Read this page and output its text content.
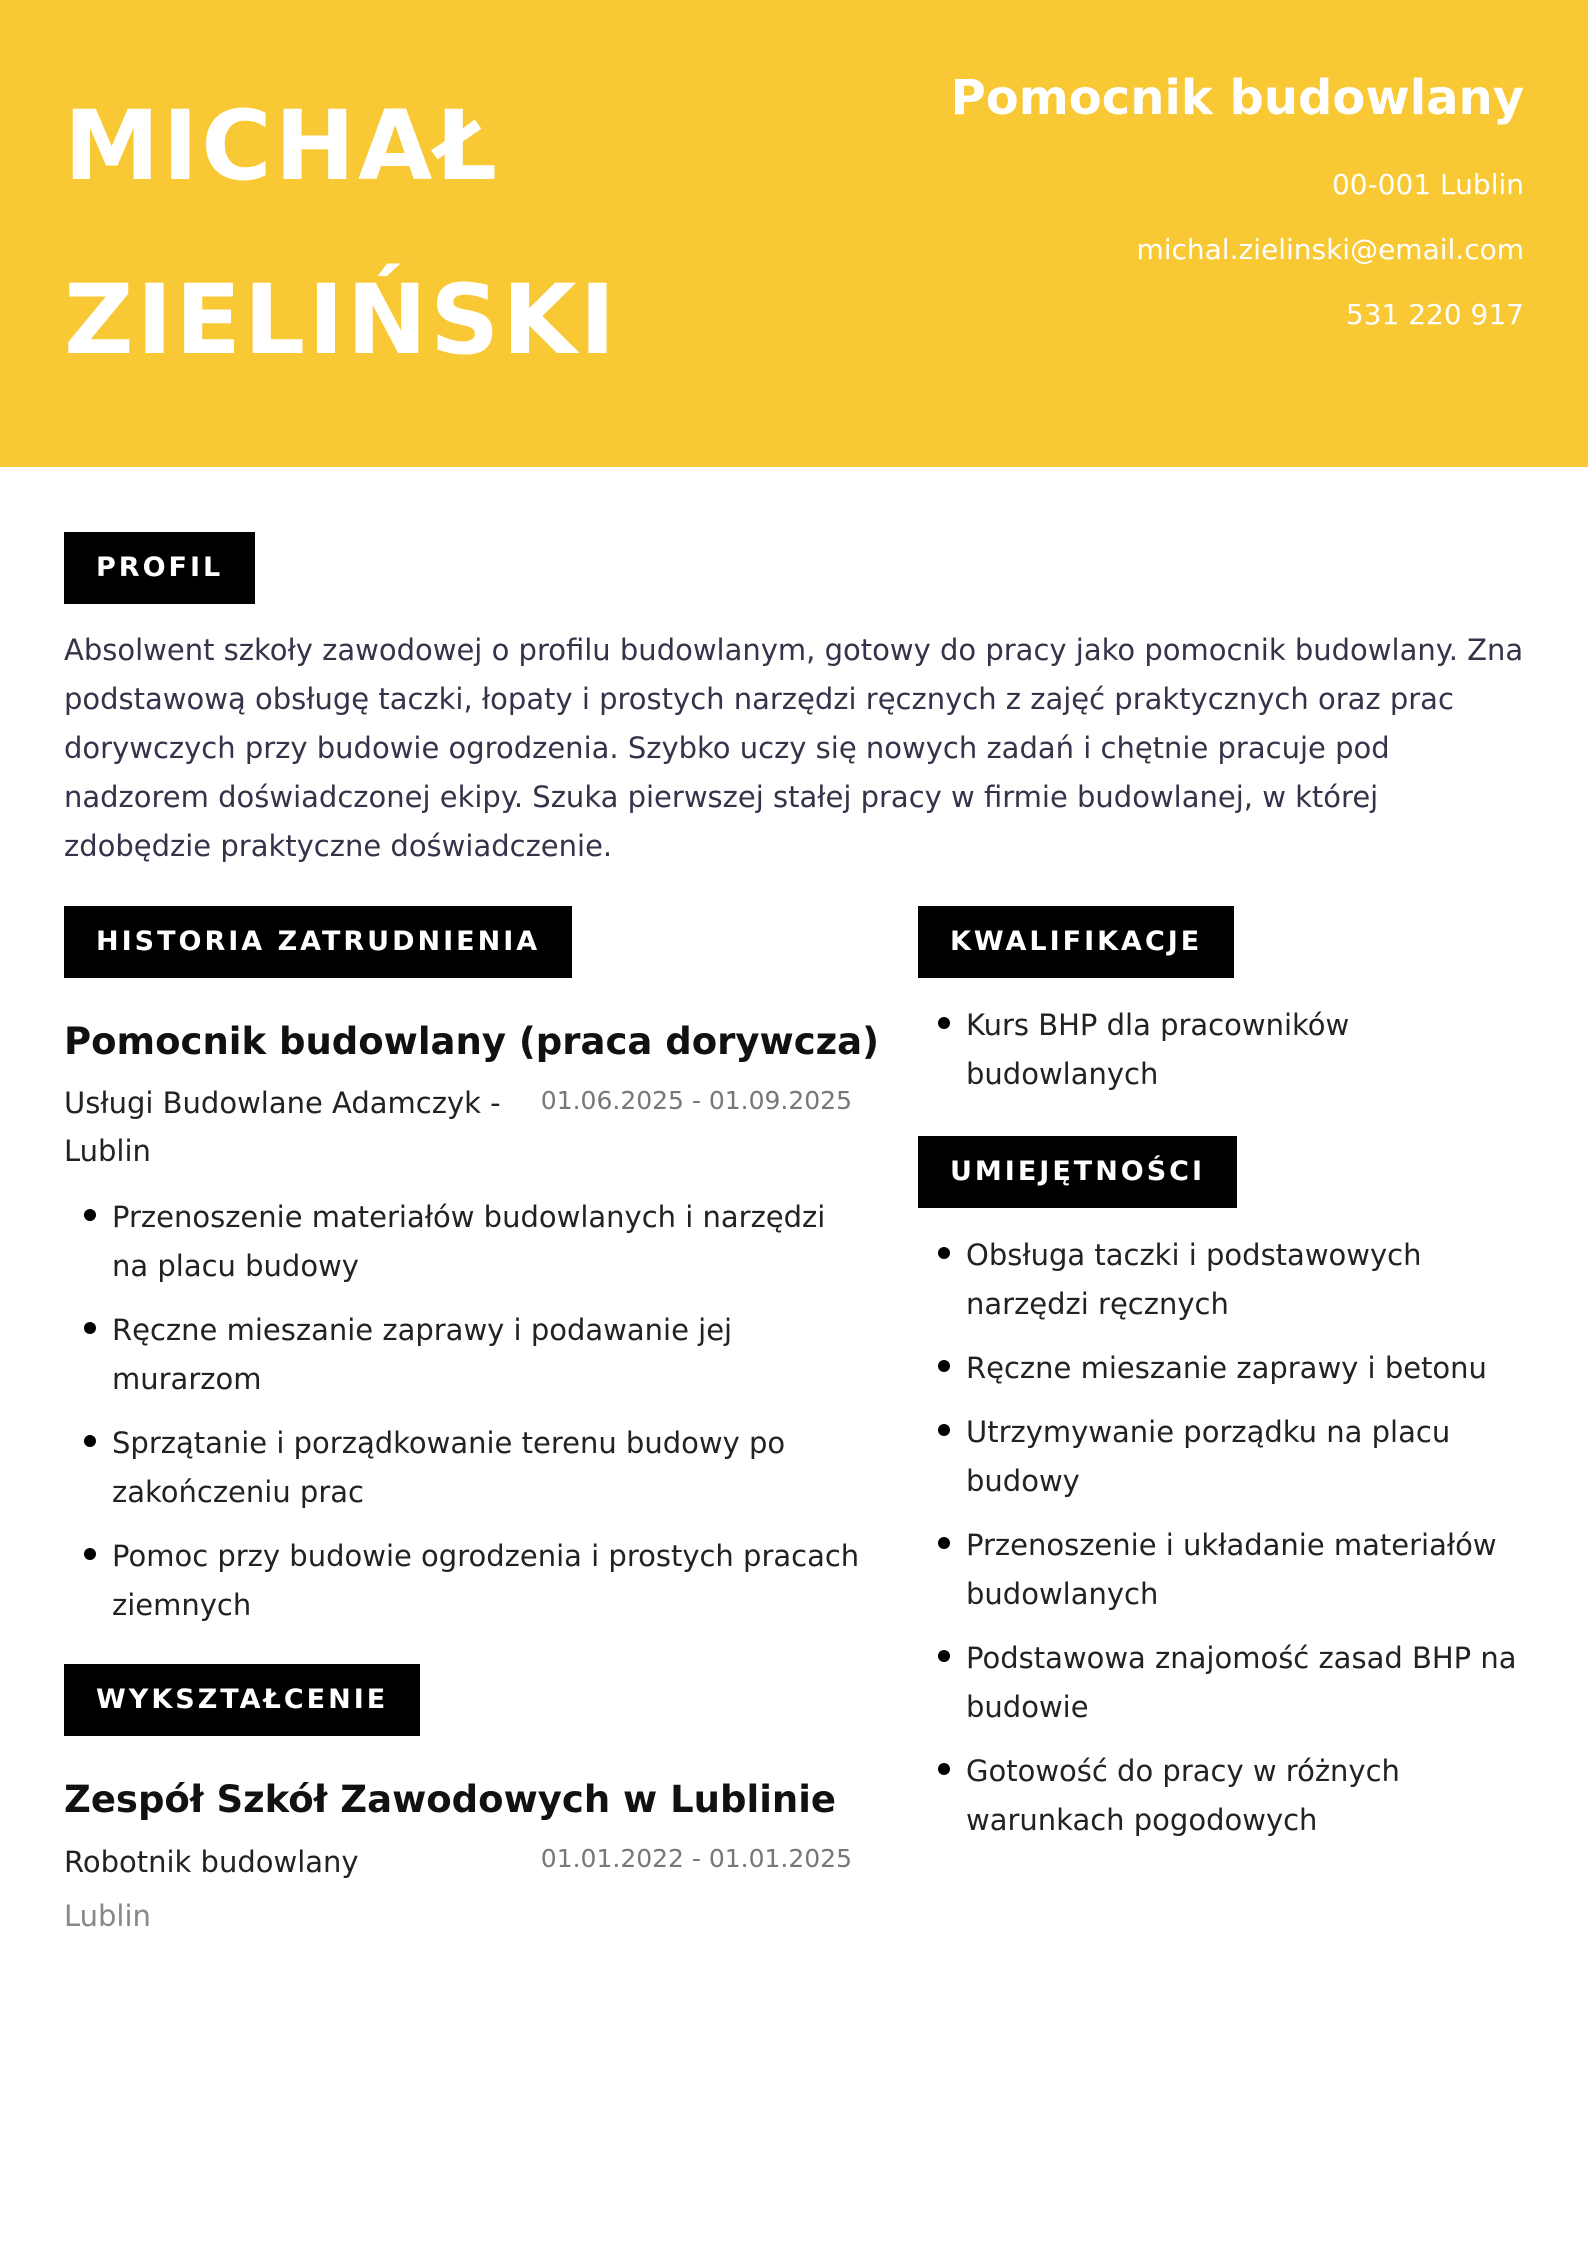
MICHAŁ
ZIELIŃSKI
Pomocnik budowlany
00-001 Lublin
michal.zielinski@email.com
531 220 917
PROFIL

Absolwent szkoły zawodowej o profilu budowlanym, gotowy do pracy jako pomocnik budowlany. Zna podstawową obsługę taczki, łopaty i prostych narzędzi ręcznych z zajęć praktycznych oraz prac dorywczych przy budowie ogrodzenia. Szybko uczy się nowych zadań i chętnie pracuje pod nadzorem doświadczonej ekipy. Szuka pierwszej stałej pracy w firmie budowlanej, w której zdobędzie praktyczne doświadczenie.

HISTORIA ZATRUDNIENIA
Pomocnik budowlany (praca dorywcza)
Usługi Budowlane Adamczyk - Lublin
01.06.2025 - 01.09.2025
Przenoszenie materiałów budowlanych i narzędzi na placu budowy
Ręczne mieszanie zaprawy i podawanie jej murarzom
Sprzątanie i porządkowanie terenu budowy po zakończeniu prac
Pomoc przy budowie ogrodzenia i prostych pracach ziemnych
WYKSZTAŁCENIE
Zespół Szkół Zawodowych w Lublinie
Robotnik budowlany	01.01.2022 - 01.01.2025
Lublin
KWALIFIKACJE
Kurs BHP dla pracowników budowlanych
UMIEJĘTNOŚCI
Obsługa taczki i podstawowych narzędzi ręcznych
Ręczne mieszanie zaprawy i betonu
Utrzymywanie porządku na placu budowy
Przenoszenie i układanie materiałów budowlanych
Podstawowa znajomość zasad BHP na budowie
Gotowość do pracy w różnych warunkach pogodowych
